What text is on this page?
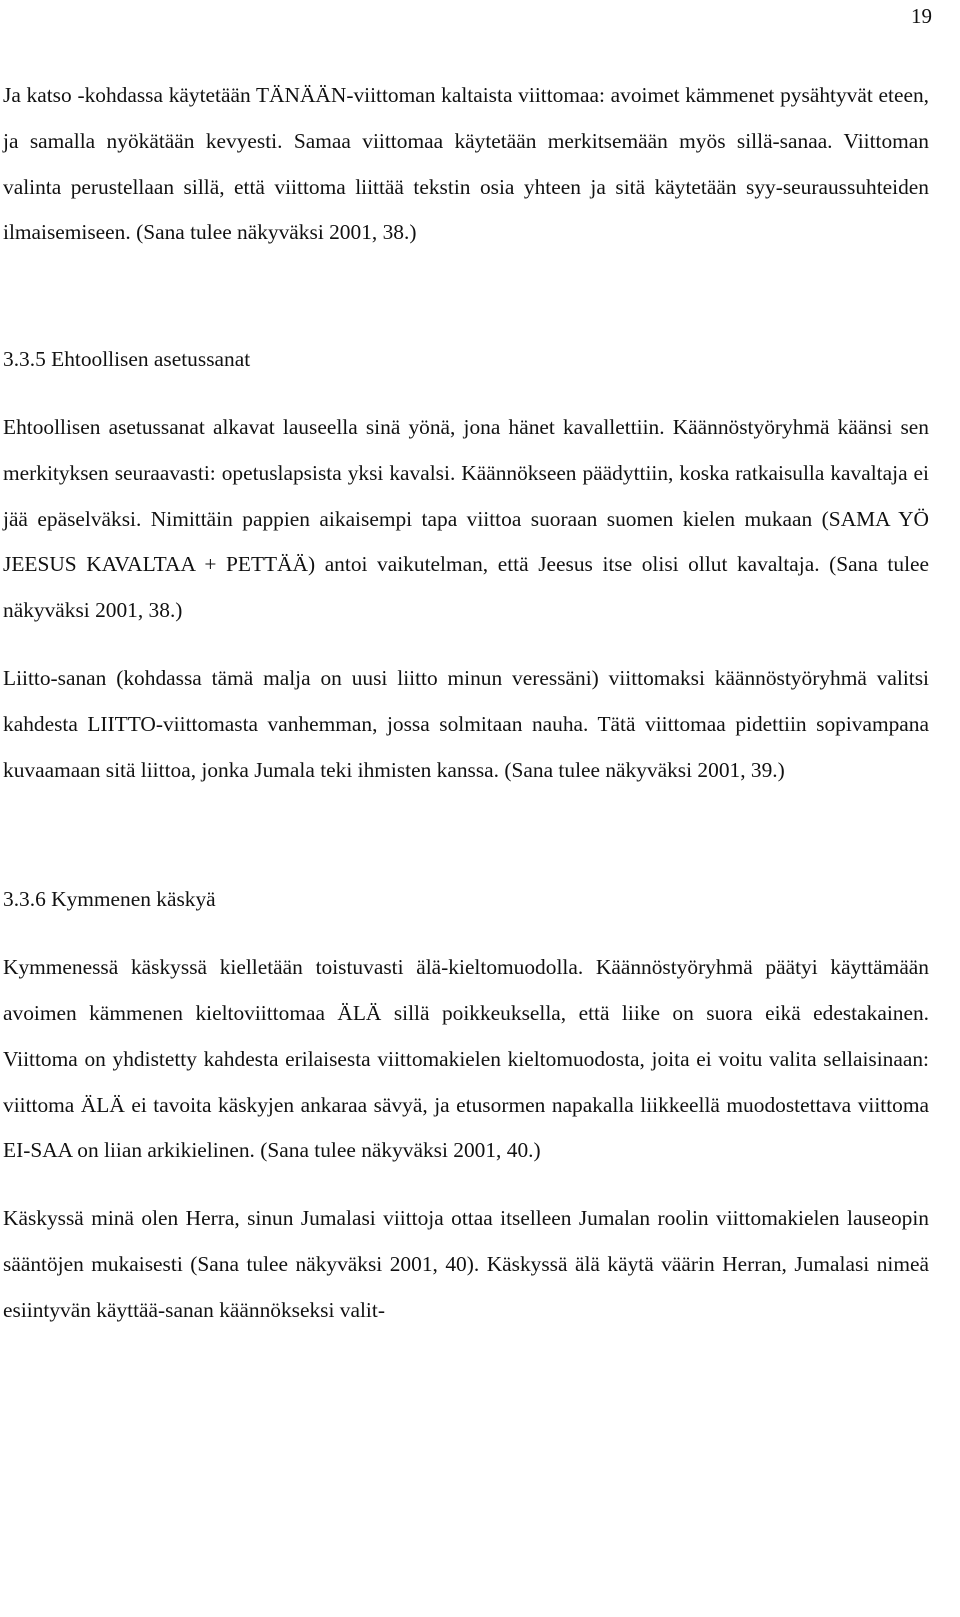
19

Ja katso -kohdassa käytetään TÄNÄÄN-viittoman kaltaista viittomaa: avoimet kämmenet pysähtyvät eteen, ja samalla nyökätään kevyesti. Samaa viittomaa käytetään merkitsemään myös sillä-sanaa. Viittoman valinta perustellaan sillä, että viittoma liittää tekstin osia yhteen ja sitä käytetään syy-seuraussuhteiden ilmaisemiseen. (Sana tulee näkyväksi 2001, 38.)

3.3.5 Ehtoollisen asetussanat

Ehtoollisen asetussanat alkavat lauseella sinä yönä, jona hänet kavallettiin. Käännöstyöryhmä käänsi sen merkityksen seuraavasti: opetuslapsista yksi kavalsi. Käännökseen päädyttiin, koska ratkaisulla kavaltaja ei jää epäselväksi. Nimittäin pappien aikaisempi tapa viittoa suoraan suomen kielen mukaan (SAMA YÖ JEESUS KAVALTAA + PETTÄÄ) antoi vaikutelman, että Jeesus itse olisi ollut kavaltaja. (Sana tulee näkyväksi 2001, 38.)

Liitto-sanan (kohdassa tämä malja on uusi liitto minun veressäni) viittomaksi käännöstyöryhmä valitsi kahdesta LIITTO-viittomasta vanhemman, jossa solmitaan nauha. Tätä viittomaa pidettiin sopivampana kuvaamaan sitä liittoa, jonka Jumala teki ihmisten kanssa. (Sana tulee näkyväksi 2001, 39.)

3.3.6 Kymmenen käskyä

Kymmenessä käskyssä kielletään toistuvasti älä-kieltomuodolla. Käännöstyöryhmä päätyi käyttämään avoimen kämmenen kieltoviittomaa ÄLÄ sillä poikkeuksella, että liike on suora eikä edestakainen. Viittoma on yhdistetty kahdesta erilaisesta viittomakielen kieltomuodosta, joita ei voitu valita sellaisinaan: viittoma ÄLÄ ei tavoita käskyjen ankaraa sävyä, ja etusormen napakalla liikkeellä muodostettava viittoma EI-SAA on liian arkikielinen. (Sana tulee näkyväksi 2001, 40.)

Käskyssä minä olen Herra, sinun Jumalasi viittoja ottaa itselleen Jumalan roolin viittomakielen lauseopin sääntöjen mukaisesti (Sana tulee näkyväksi 2001, 40). Käskyssä älä käytä väärin Herran, Jumalasi nimeä esiintyvän käyttää-sanan käännökseksi valit-
